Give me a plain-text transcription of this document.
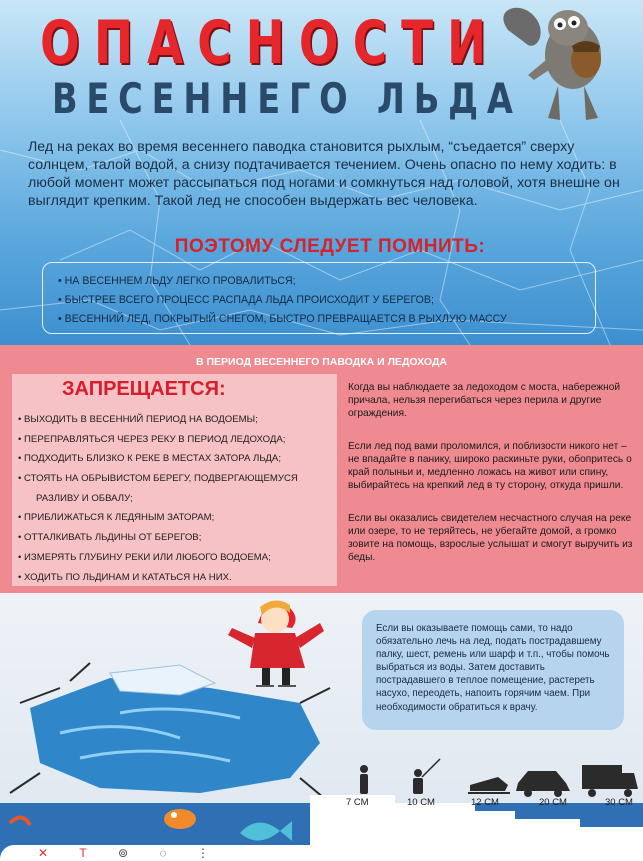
ОПАСНОСТИ
ВЕСЕННЕГО ЛЬДА
Лед на реках во время весеннего паводка становится рыхлым, “съедается” сверху солнцем, талой водой, а снизу подтачивается течением. Очень опасно по нему ходить: в любой момент может рассыпаться под ногами и сомкнуться над головой, хотя внешне он выглядит крепким. Такой лед не способен выдержать вес человека.
ПОЭТОМУ СЛЕДУЕТ ПОМНИТЬ:
• НА ВЕСЕННЕМ ЛЬДУ ЛЕГКО ПРОВАЛИТЬСЯ;
• БЫСТРЕЕ ВСЕГО ПРОЦЕСС РАСПАДА ЛЬДА ПРОИСХОДИТ У БЕРЕГОВ;
• ВЕСЕННИЙ ЛЕД, ПОКРЫТЫЙ СНЕГОМ, БЫСТРО ПРЕВРАЩАЕТСЯ В РЫХЛУЮ МАССУ
В ПЕРИОД ВЕСЕННЕГО ПАВОДКА И ЛЕДОХОДА
ЗАПРЕЩАЕТСЯ:
• ВЫХОДИТЬ В ВЕСЕННИЙ ПЕРИОД НА ВОДОЕМЫ;
• ПЕРЕПРАВЛЯТЬСЯ ЧЕРЕЗ РЕКУ В ПЕРИОД ЛЕДОХОДА;
• ПОДХОДИТЬ БЛИЗКО К РЕКЕ В МЕСТАХ ЗАТОРА ЛЬДА;
• СТОЯТЬ НА ОБРЫВИСТОМ БЕРЕГУ, ПОДВЕРГАЮЩЕМУСЯ
РАЗЛИВУ И ОБВАЛУ;
• ПРИБЛИЖАТЬСЯ К ЛЕДЯНЫМ ЗАТОРАМ;
• ОТТАЛКИВАТЬ ЛЬДИНЫ ОТ БЕРЕГОВ;
• ИЗМЕРЯТЬ ГЛУБИНУ РЕКИ ИЛИ ЛЮБОГО ВОДОЕМА;
• ХОДИТЬ ПО ЛЬДИНАМ И КАТАТЬСЯ НА НИХ.

Когда вы наблюдаете за ледоходом с моста, набережной причала, нельзя перегибаться через перила и другие ограждения.

Если лед под вами проломился, и поблизости никого нет – не впадайте в панику, широко раскиньте руки, обопритесь о край полыньи и, медленно ложась на живот или спину, выбирайтесь на крепкий лед в ту сторону, откуда пришли.

Если вы оказались свидетелем несчастного случая на реке или озере, то не теряйтесь, не убегайте домой, а громко зовите на помощь, взрослые услышат и смогут выручить из беды.

Если вы оказываете помощь сами, то надо обязательно лечь на лед, подать пострадавшему палку, шест, ремень или шарф и т.п., чтобы помочь выбраться из воды. Затем доставить пострадавшего в теплое помещение, растереть насухо, переодеть, напоить горячим чаем. При необходимости обратиться к врачу.
7 СМ	10 СМ	12 СМ	20 СМ	30 СМ
✕	T	⊚	◌	⋮
